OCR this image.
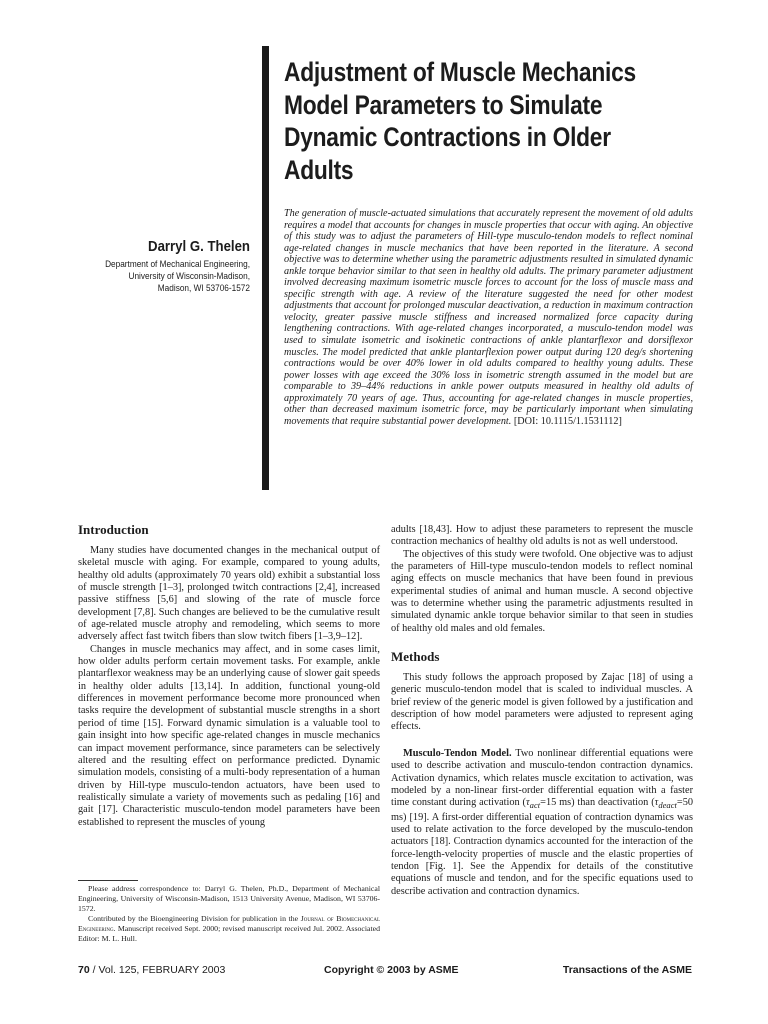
Adjustment of Muscle Mechanics
Model Parameters to Simulate
Dynamic Contractions in Older
Adults
Darryl G. Thelen
Department of Mechanical Engineering,
University of Wisconsin-Madison,
Madison, WI 53706-1572

The generation of muscle-actuated simulations that accurately represent the movement of old adults requires a model that accounts for changes in muscle properties that occur with aging. An objective of this study was to adjust the parameters of Hill-type musculo-tendon models to reflect nominal age-related changes in muscle mechanics that have been reported in the literature. A second objective was to determine whether using the parametric adjustments resulted in simulated dynamic ankle torque behavior similar to that seen in healthy old adults. The primary parameter adjustment involved decreasing maximum isometric muscle forces to account for the loss of muscle mass and specific strength with age. A review of the literature suggested the need for other modest adjustments that account for prolonged muscular deactivation, a reduction in maximum contraction velocity, greater passive muscle stiffness and increased normalized force capacity during lengthening contractions. With age-related changes incorporated, a musculo-tendon model was used to simulate isometric and isokinetic contractions of ankle plantarflexor and dorsiflexor muscles. The model predicted that ankle plantarflexion power output during 120 deg/s shortening contractions would be over 40% lower in old adults compared to healthy young adults. These power losses with age exceed the 30% loss in isometric strength assumed in the model but are comparable to 39–44% reductions in ankle power outputs measured in healthy old adults of approximately 70 years of age. Thus, accounting for age-related changes in muscle properties, other than decreased maximum isometric force, may be particularly important when simulating movements that require substantial power development. [DOI: 10.1115/1.1531112]

Introduction

Many studies have documented changes in the mechanical output of skeletal muscle with aging. For example, compared to young adults, healthy old adults (approximately 70 years old) exhibit a substantial loss of muscle strength [1–3], prolonged twitch contractions [2,4], increased passive stiffness [5,6] and slowing of the rate of muscle force development [7,8]. Such changes are believed to be the cumulative result of age-related muscle atrophy and remodeling, which seems to more adversely affect fast twitch fibers than slow twitch fibers [1–3,9–12].

Changes in muscle mechanics may affect, and in some cases limit, how older adults perform certain movement tasks. For example, ankle plantarflexor weakness may be an underlying cause of slower gait speeds in healthy older adults [13,14]. In addition, functional young-old differences in movement performance become more pronounced when tasks require the development of substantial muscle strengths in a short period of time [15]. Forward dynamic simulation is a valuable tool to gain insight into how specific age-related changes in muscle mechanics can impact movement performance, since parameters can be selectively altered and the resulting effect on performance predicted. Dynamic simulation models, consisting of a multi-body representation of a human driven by Hill-type musculo-tendon actuators, have been used to realistically simulate a variety of movements such as pedaling [16] and gait [17]. Characteristic musculo-tendon model parameters have been established to represent the muscles of young

adults [18,43]. How to adjust these parameters to represent the muscle contraction mechanics of healthy old adults is not as well understood.

The objectives of this study were twofold. One objective was to adjust the parameters of Hill-type musculo-tendon models to reflect nominal aging effects on muscle mechanics that have been found in previous experimental studies of animal and human muscle. A second objective was to determine whether using the parametric adjustments resulted in simulated dynamic ankle torque behavior similar to that seen in studies of healthy old males and old females.

Methods

This study follows the approach proposed by Zajac [18] of using a generic musculo-tendon model that is scaled to individual muscles. A brief review of the generic model is given followed by a justification and description of how model parameters were adjusted to represent aging effects.

Musculo-Tendon Model. Two nonlinear differential equations were used to describe activation and musculo-tendon contraction dynamics. Activation dynamics, which relates muscle excitation to activation, was modeled by a non-linear first-order differential equation with a faster time constant during activation ($\tau_{act}=15$ ms) than deactivation ($\tau_{deact}=50$ ms) [19]. A first-order differential equation of contraction dynamics was used to relate activation to the force developed by the musculo-tendon actuators [18]. Contraction dynamics accounted for the interaction of the force-length-velocity properties of muscle and the elastic properties of tendon [Fig. 1]. See the Appendix for details of the constitutive equations of muscle and tendon, and for the specific equations used to describe activation and contraction dynamics.

Please address correspondence to: Darryl G. Thelen, Ph.D., Department of Mechanical Engineering, University of Wisconsin-Madison, 1513 University Avenue, Madison, WI 53706-1572.

Contributed by the Bioengineering Division for publication in the Journal of Biomechanical Engineering. Manuscript received Sept. 2000; revised manuscript received Jul. 2002. Associated Editor: M. L. Hull.

70 / Vol. 125, FEBRUARY 2003	Copyright © 2003 by ASME	Transactions of the ASME
